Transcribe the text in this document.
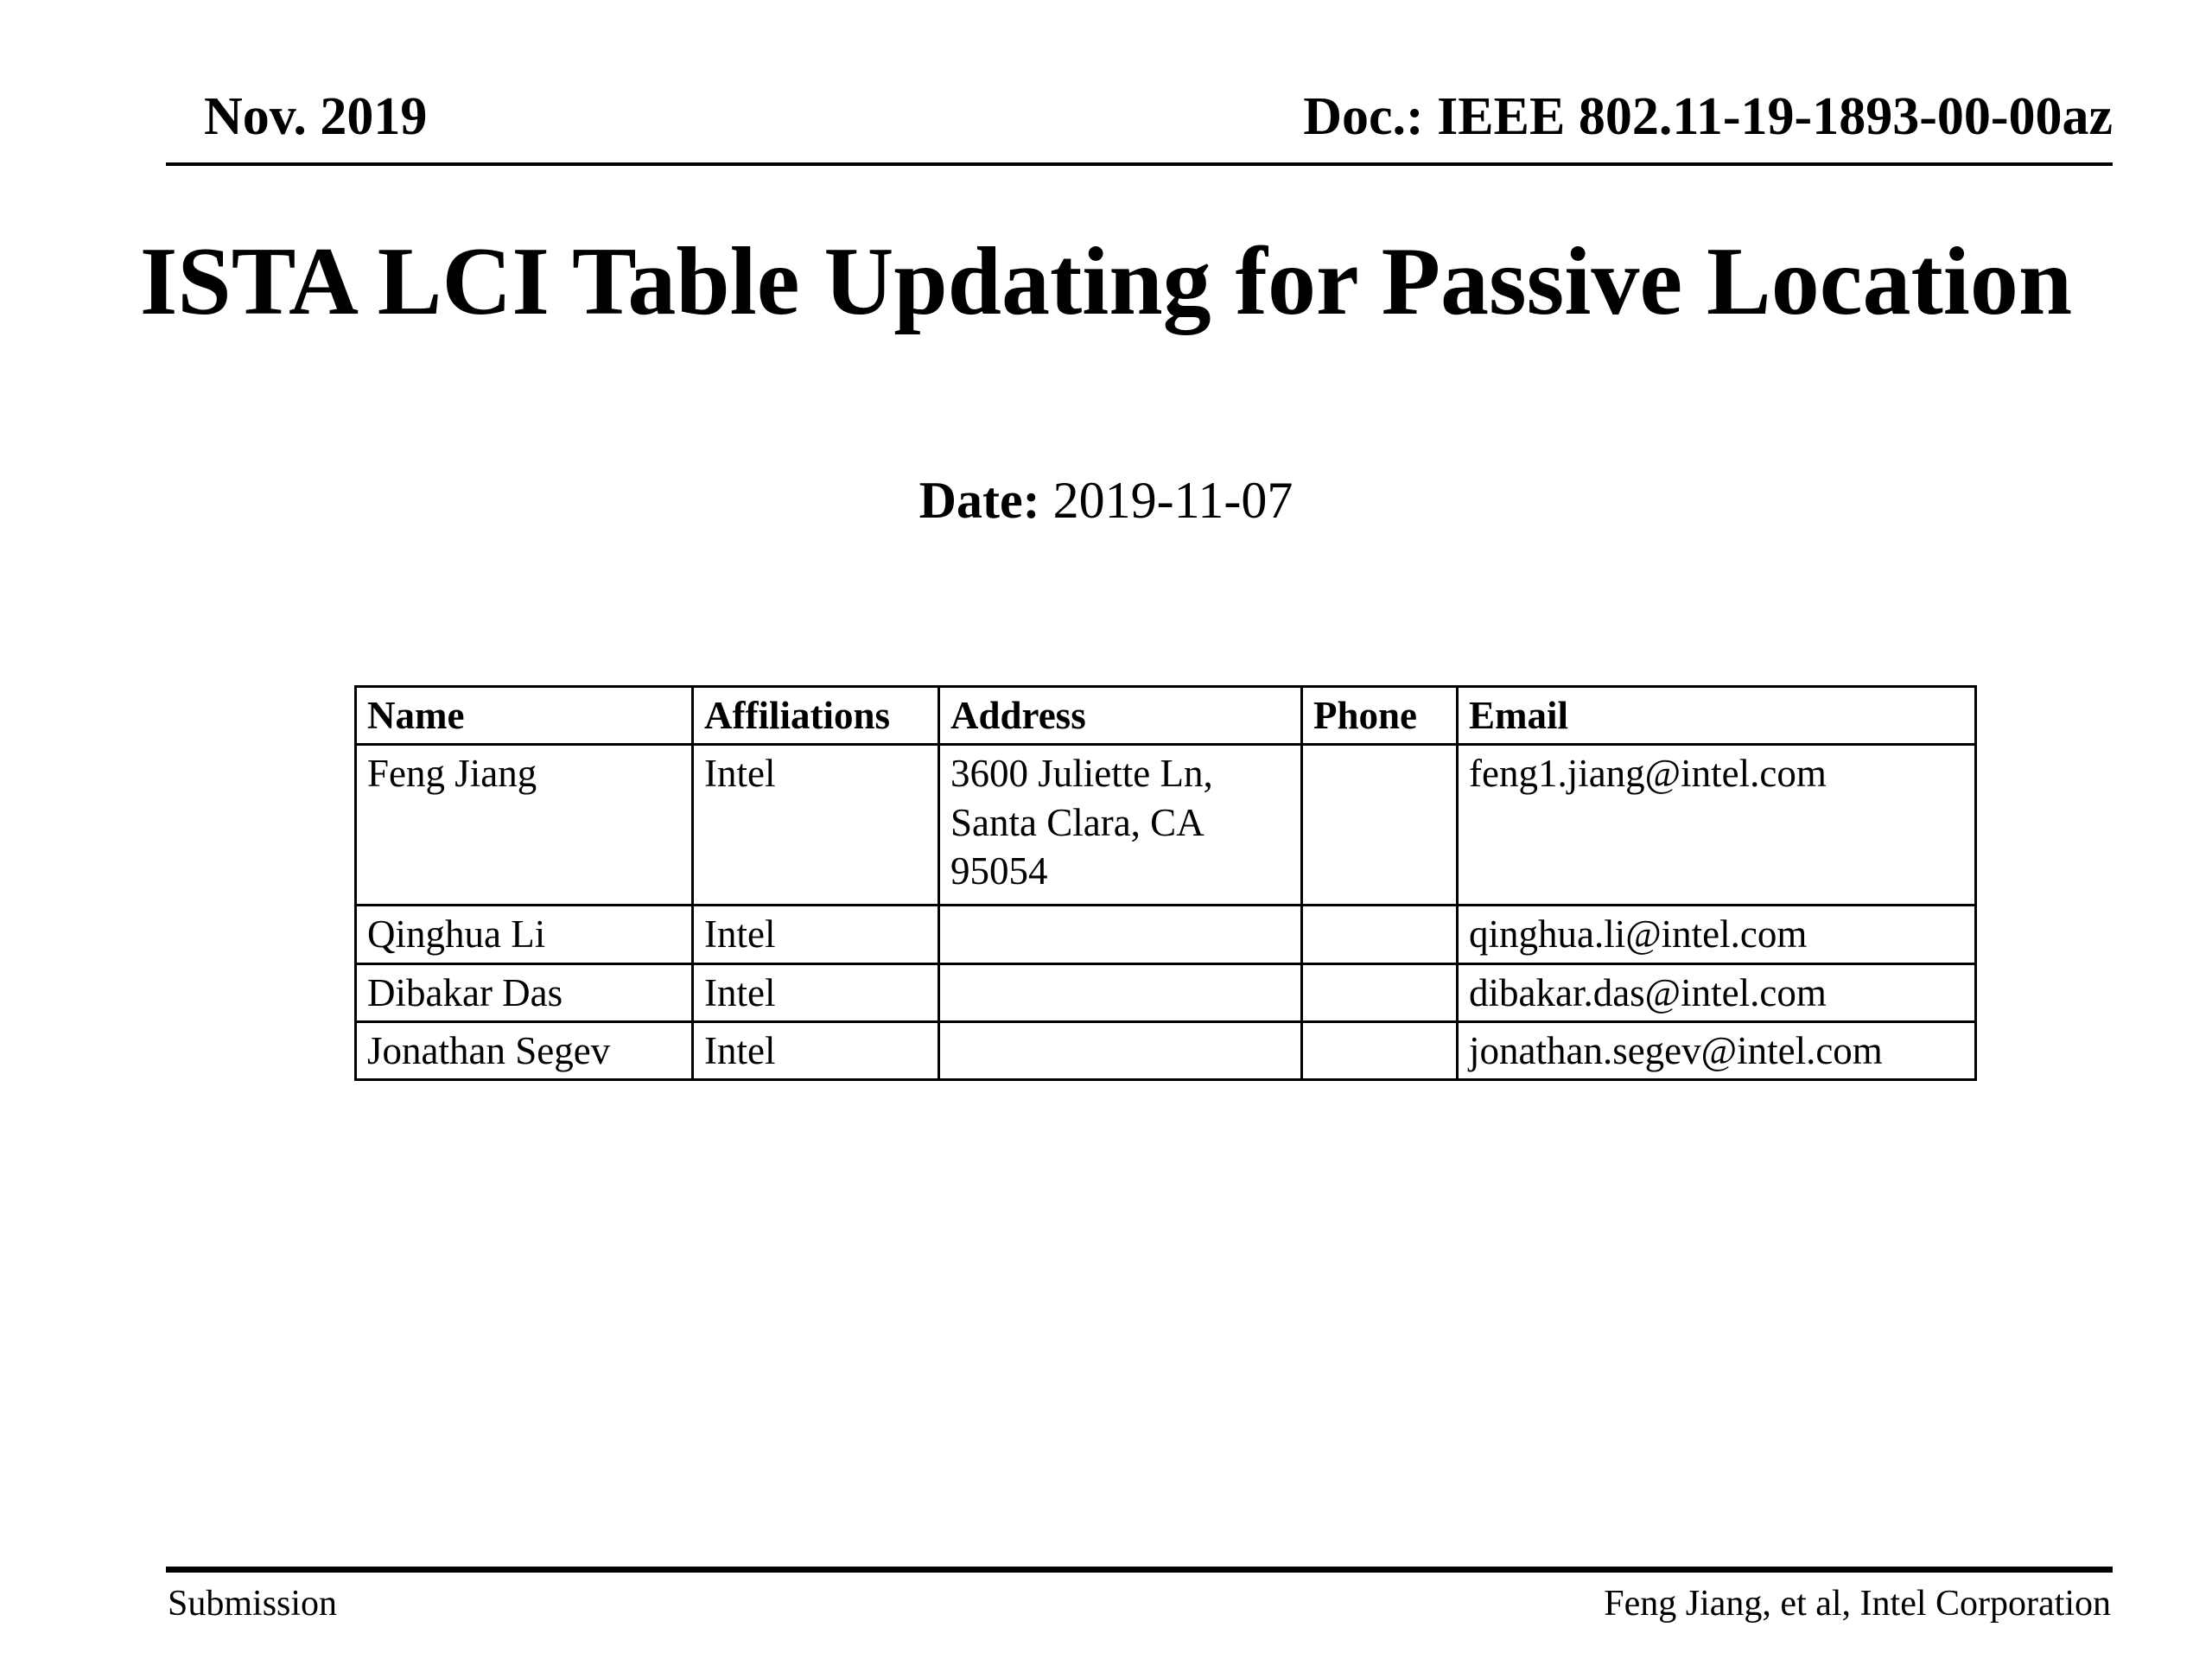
Nov. 2019	Doc.: IEEE 802.11-19-1893-00-00az
ISTA LCI Table Updating for Passive Location
Date: 2019-11-07
Name	Affiliations	Address	Phone	Email
Feng Jiang	Intel	3600 Juliette Ln, Santa Clara, CA 95054		feng1.jiang@intel.com
Qinghua Li	Intel			qinghua.li@intel.com
Dibakar Das	Intel			dibakar.das@intel.com
Jonathan Segev	Intel			jonathan.segev@intel.com
Submission	Feng Jiang, et al, Intel Corporation
